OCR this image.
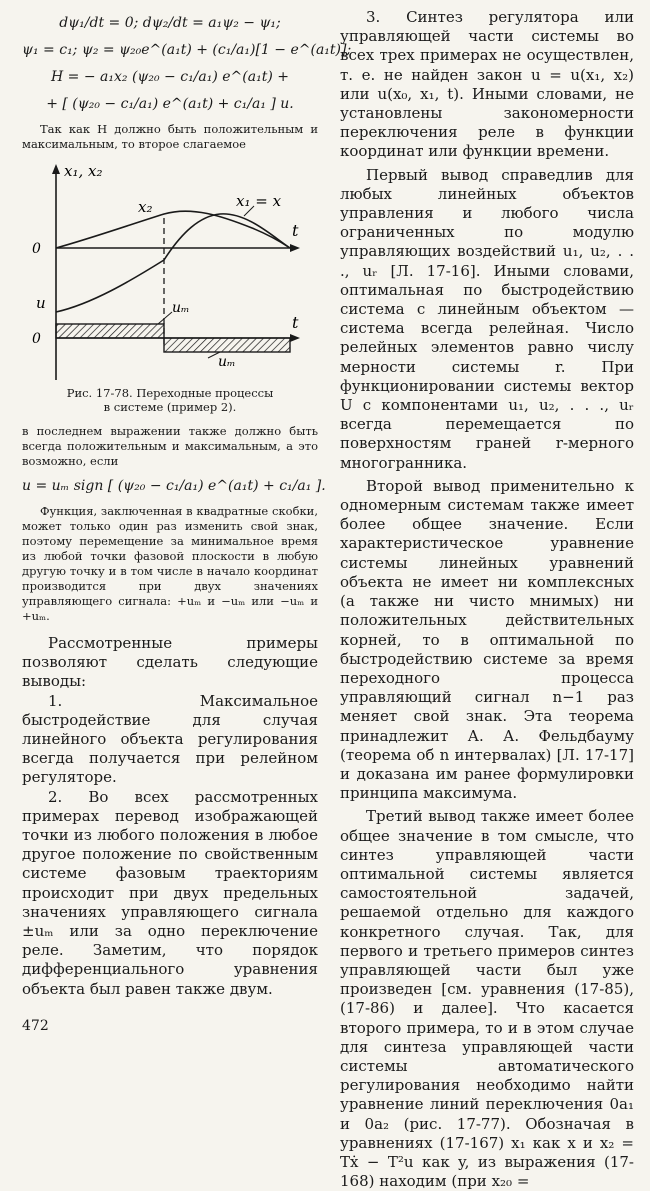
dψ₁/dt = 0; dψ₂/dt = a₁ψ₂ − ψ₁;

ψ₁ = c₁; ψ₂ = ψ₂₀e^(a₁t) + (c₁/a₁)[1 − e^(a₁t)];

H = − a₁x₂ (ψ₂₀ − c₁/a₁) e^(a₁t) +

+ [ (ψ₂₀ − c₁/a₁) e^(a₁t) + c₁/a₁ ] u.

Так как H должно быть положительным и максимальным, то второе слагаемое

x₁, x₂
t
0
x₂	x₁ = x
u
0
t
uₘ
uₘ

Рис. 17-78. Переходные процессы
в системе (пример 2).

в последнем выражении также должно быть всегда положительным и максимальным, а это возможно, если

u = uₘ sign [ (ψ₂₀ − c₁/a₁) e^(a₁t) + c₁/a₁ ].

Функция, заключенная в квадратные скобки, может только один раз изменить свой знак, поэтому перемещение за минимальное время из любой точки фазовой плоскости в любую другую точку и в том числе в начало координат производится при двух значениях управляющего сигнала: +uₘ и −uₘ или −uₘ и +uₘ.

Рассмотренные примеры позволяют сделать следующие выводы:

1. Максимальное быстродействие для случая линейного объекта регулирования всегда получается при релейном регуляторе.

2. Во всех рассмотренных примерах перевод изображающей точки из любого положения в любое другое положение по свойственным системе фазовым траекториям происходит при двух предельных значениях управляющего сигнала ±uₘ или за одно переключение реле. Заметим, что порядок дифференциального уравнения объекта был равен также двум.

3. Синтез регулятора или управляющей части системы во всех трех примерах не осуществлен, т. е. не найден закон u = u(x₁, x₂) или u(x₀, x₁, t). Иными словами, не установлены закономерности переключения реле в функции координат или функции времени.

Первый вывод справедлив для любых линейных объектов управления и любого числа ограниченных по модулю управляющих воздействий u₁, u₂, . . ., uᵣ [Л. 17-16]. Иными словами, оптимальная по быстродействию система с линейным объектом — система всегда релейная. Число релейных элементов равно числу мерности системы r. При функционировании системы вектор U с компонентами u₁, u₂, . . ., uᵣ всегда перемещается по поверхностям граней r-мерного многогранника.

Второй вывод применительно к одномерным системам также имеет более общее значение. Если характеристическое уравнение системы линейных уравнений объекта не имеет ни комплексных (а также ни чисто мнимых) ни положительных действительных корней, то в оптимальной по быстродействию системе за время переходного процесса управляющий сигнал n−1 раз меняет свой знак. Эта теорема принадлежит А. А. Фельдбауму (теорема об n интервалах) [Л. 17-17] и доказана им ранее формулировки принципа максимума.

Третий вывод также имеет более общее значение в том смысле, что синтез управляющей части оптимальной системы является самостоятельной задачей, решаемой отдельно для каждого конкретного случая. Так, для первого и третьего примеров синтез управляющей части был уже произведен [см. уравнения (17-85), (17-86) и далее]. Что касается второго примера, то и в этом случае для синтеза управляющей части системы автоматического регулирования необходимо найти уравнение линий переключения 0a₁ и 0a₂ (рис. 17-77). Обозначая в уравнениях (17-167) x₁ как x и x₂ = Tẋ − T²u как y, из выражения (17-168) находим (при x₂₀ =

472
